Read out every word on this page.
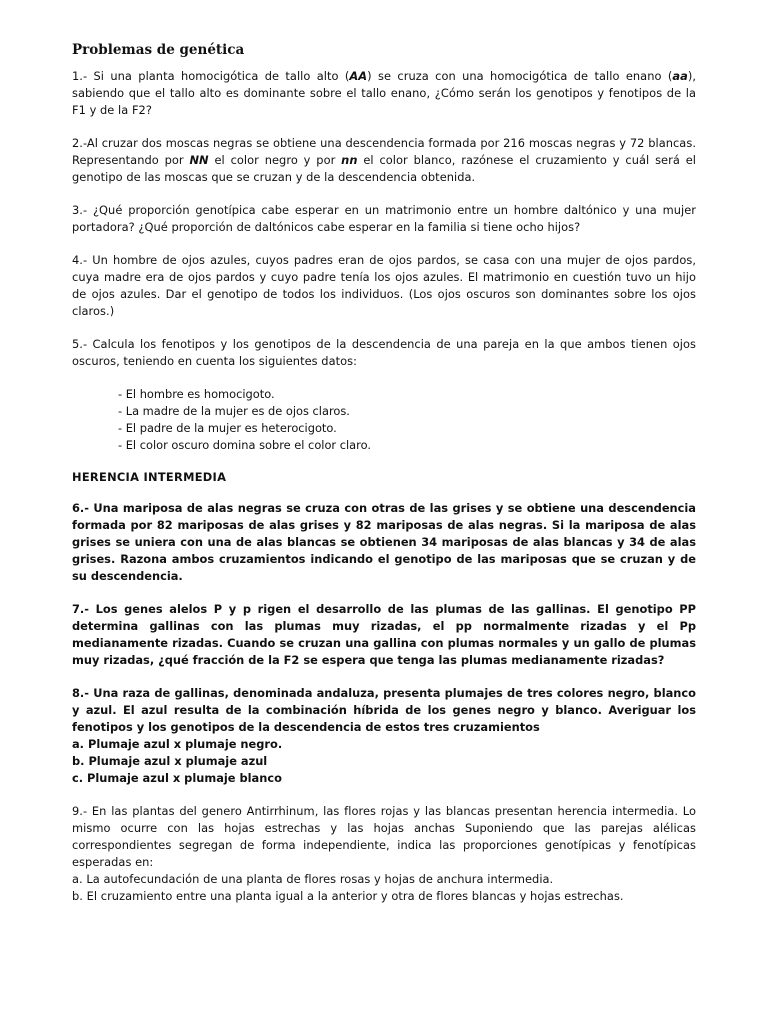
Problemas de genética

1.- Si una planta homocigótica de tallo alto (AA) se cruza con una homocigótica de tallo enano (aa), sabiendo que el tallo alto es dominante sobre el tallo enano, ¿Cómo serán los genotipos y fenotipos de la F1 y de la F2?

2.-Al cruzar dos moscas negras se obtiene una descendencia formada por 216 moscas negras y 72 blancas. Representando por NN el color negro y por nn el color blanco, razónese el cruzamiento y cuál será el genotipo de las moscas que se cruzan y de la descendencia obtenida.

3.- ¿Qué proporción genotípica cabe esperar en un matrimonio entre un hombre daltónico y una mujer portadora? ¿Qué proporción de daltónicos cabe esperar en la familia si tiene ocho hijos?

4.- Un hombre de ojos azules, cuyos padres eran de ojos pardos, se casa con una mujer de ojos pardos, cuya madre era de ojos pardos y cuyo padre tenía los ojos azules. El matrimonio en cuestión tuvo un hijo de ojos azules. Dar el genotipo de todos los individuos. (Los ojos oscuros son dominantes sobre los ojos claros.)

5.- Calcula los fenotipos y los genotipos de la descendencia de una pareja en la que ambos tienen ojos oscuros, teniendo en cuenta los siguientes datos:

- El hombre es homocigoto.
- La madre de la mujer es de ojos claros.
- El padre de la mujer es heterocigoto.
- El color oscuro domina sobre el color claro.

HERENCIA INTERMEDIA

6.- Una mariposa de alas negras se cruza con otras de las grises y se obtiene una descendencia formada por 82 mariposas de alas grises y 82 mariposas de alas negras. Si la mariposa de alas grises se uniera con una de alas blancas se obtienen 34 mariposas de alas blancas y 34 de alas grises. Razona ambos cruzamientos indicando el genotipo de las mariposas que se cruzan y de su descendencia.

7.- Los genes alelos P y p rigen el desarrollo de las plumas de las gallinas. El genotipo PP determina gallinas con las plumas muy rizadas, el pp normalmente rizadas y el Pp medianamente rizadas. Cuando se cruzan una gallina con plumas normales y un gallo de plumas muy rizadas, ¿qué fracción de la F2 se espera que tenga las plumas medianamente rizadas?

8.- Una raza de gallinas, denominada andaluza, presenta plumajes de tres colores negro, blanco y azul. El azul resulta de la combinación híbrida de los genes negro y blanco. Averiguar los fenotipos y los genotipos de la descendencia de estos tres cruzamientos

a. Plumaje azul x plumaje negro.
b. Plumaje azul x plumaje azul
c. Plumaje azul x plumaje blanco

9.- En las plantas del genero Antirrhinum, las flores rojas y las blancas presentan herencia intermedia. Lo mismo ocurre con las hojas estrechas y las hojas anchas Suponiendo que las parejas alélicas correspondientes segregan de forma independiente, indica las proporciones genotípicas y fenotípicas esperadas en:

a. La autofecundación de una planta de flores rosas y hojas de anchura intermedia.
b. El cruzamiento entre una planta igual a la anterior y otra de flores blancas y hojas estrechas.
